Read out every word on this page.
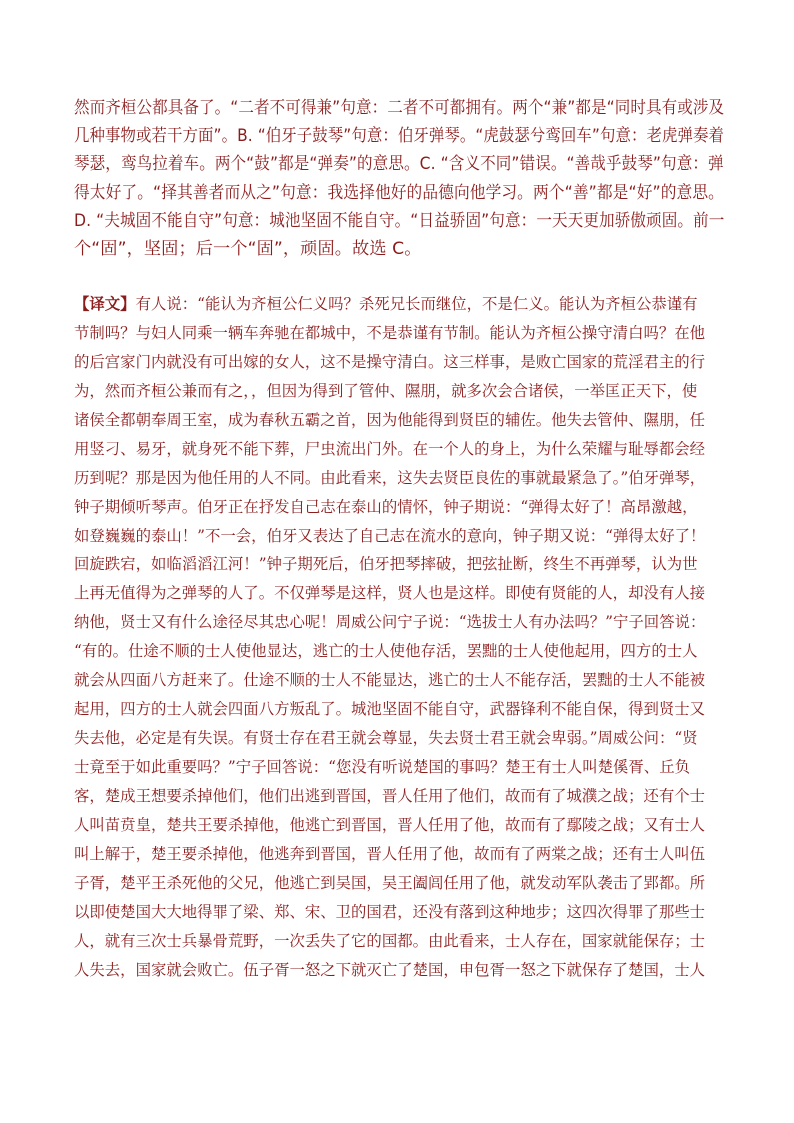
然而齐桓公都具备了。“二者不可得兼”句意：二者不可都拥有。两个“兼”都是“同时具有或涉及
几种事物或若干方面”。B. “伯牙子鼓琴”句意：伯牙弹琴。“虎鼓瑟兮鸾回车”句意：老虎弹奏着
琴瑟，鸾鸟拉着车。两个“鼓”都是“弹奏”的意思。C. “含义不同”错误。“善哉乎鼓琴”句意：弹
得太好了。“择其善者而从之”句意：我选择他好的品德向他学习。两个“善”都是“好”的意思。
D. “夫城固不能自守”句意：城池坚固不能自守。“日益骄固”句意：一天天更加骄傲顽固。前一
个“固”，坚固；后一个“固”，顽固。故选 C。
【译文】有人说：“能认为齐桓公仁义吗？杀死兄长而继位，不是仁义。能认为齐桓公恭谨有
节制吗？与妇人同乘一辆车奔驰在都城中，不是恭谨有节制。能认为齐桓公操守清白吗？在他
的后宫家门内就没有可出嫁的女人，这不是操守清白。这三样事，是败亡国家的荒淫君主的行
为，然而齐桓公兼而有之，，但因为得到了管仲、隰朋，就多次会合诸侯，一举匡正天下，使
诸侯全都朝奉周王室，成为春秋五霸之首，因为他能得到贤臣的辅佐。他失去管仲、隰朋，任
用竖刁、易牙，就身死不能下葬，尸虫流出门外。在一个人的身上，为什么荣耀与耻辱都会经
历到呢？那是因为他任用的人不同。由此看来，这失去贤臣良佐的事就最紧急了。”伯牙弹琴，
钟子期倾听琴声。伯牙正在抒发自己志在泰山的情怀，钟子期说：“弹得太好了！高昂激越，
如登巍巍的泰山！”不一会，伯牙又表达了自己志在流水的意向，钟子期又说：“弹得太好了！
回旋跌宕，如临滔滔江河！”钟子期死后，伯牙把琴摔破，把弦扯断，终生不再弹琴，认为世
上再无值得为之弹琴的人了。不仅弹琴是这样，贤人也是这样。即使有贤能的人，却没有人接
纳他，贤士又有什么途径尽其忠心呢！周威公问宁子说：“选拔士人有办法吗？”宁子回答说：
“有的。仕途不顺的士人使他显达，逃亡的士人使他存活，罢黜的士人使他起用，四方的士人
就会从四面八方赶来了。仕途不顺的士人不能显达，逃亡的士人不能存活，罢黜的士人不能被
起用，四方的士人就会四面八方叛乱了。城池坚固不能自守，武器锋利不能自保，得到贤士又
失去他，必定是有失误。有贤士存在君王就会尊显，失去贤士君王就会卑弱。”周威公问：“贤
士竟至于如此重要吗？”宁子回答说：“您没有听说楚国的事吗？楚王有士人叫楚傒胥、丘负
客，楚成王想要杀掉他们，他们出逃到晋国，晋人任用了他们，故而有了城濮之战；还有个士
人叫苗贲皇，楚共王要杀掉他，他逃亡到晋国，晋人任用了他，故而有了鄢陵之战；又有士人
叫上解于，楚王要杀掉他，他逃奔到晋国，晋人任用了他，故而有了两棠之战；还有士人叫伍
子胥，楚平王杀死他的父兄，他逃亡到吴国，吴王阖闾任用了他，就发动军队袭击了郢都。所
以即使楚国大大地得罪了梁、郑、宋、卫的国君，还没有落到这种地步；这四次得罪了那些士
人，就有三次士兵暴骨荒野，一次丢失了它的国都。由此看来，士人存在，国家就能保存；士
人失去，国家就会败亡。伍子胥一怒之下就灭亡了楚国，申包胥一怒之下就保存了楚国，士人
